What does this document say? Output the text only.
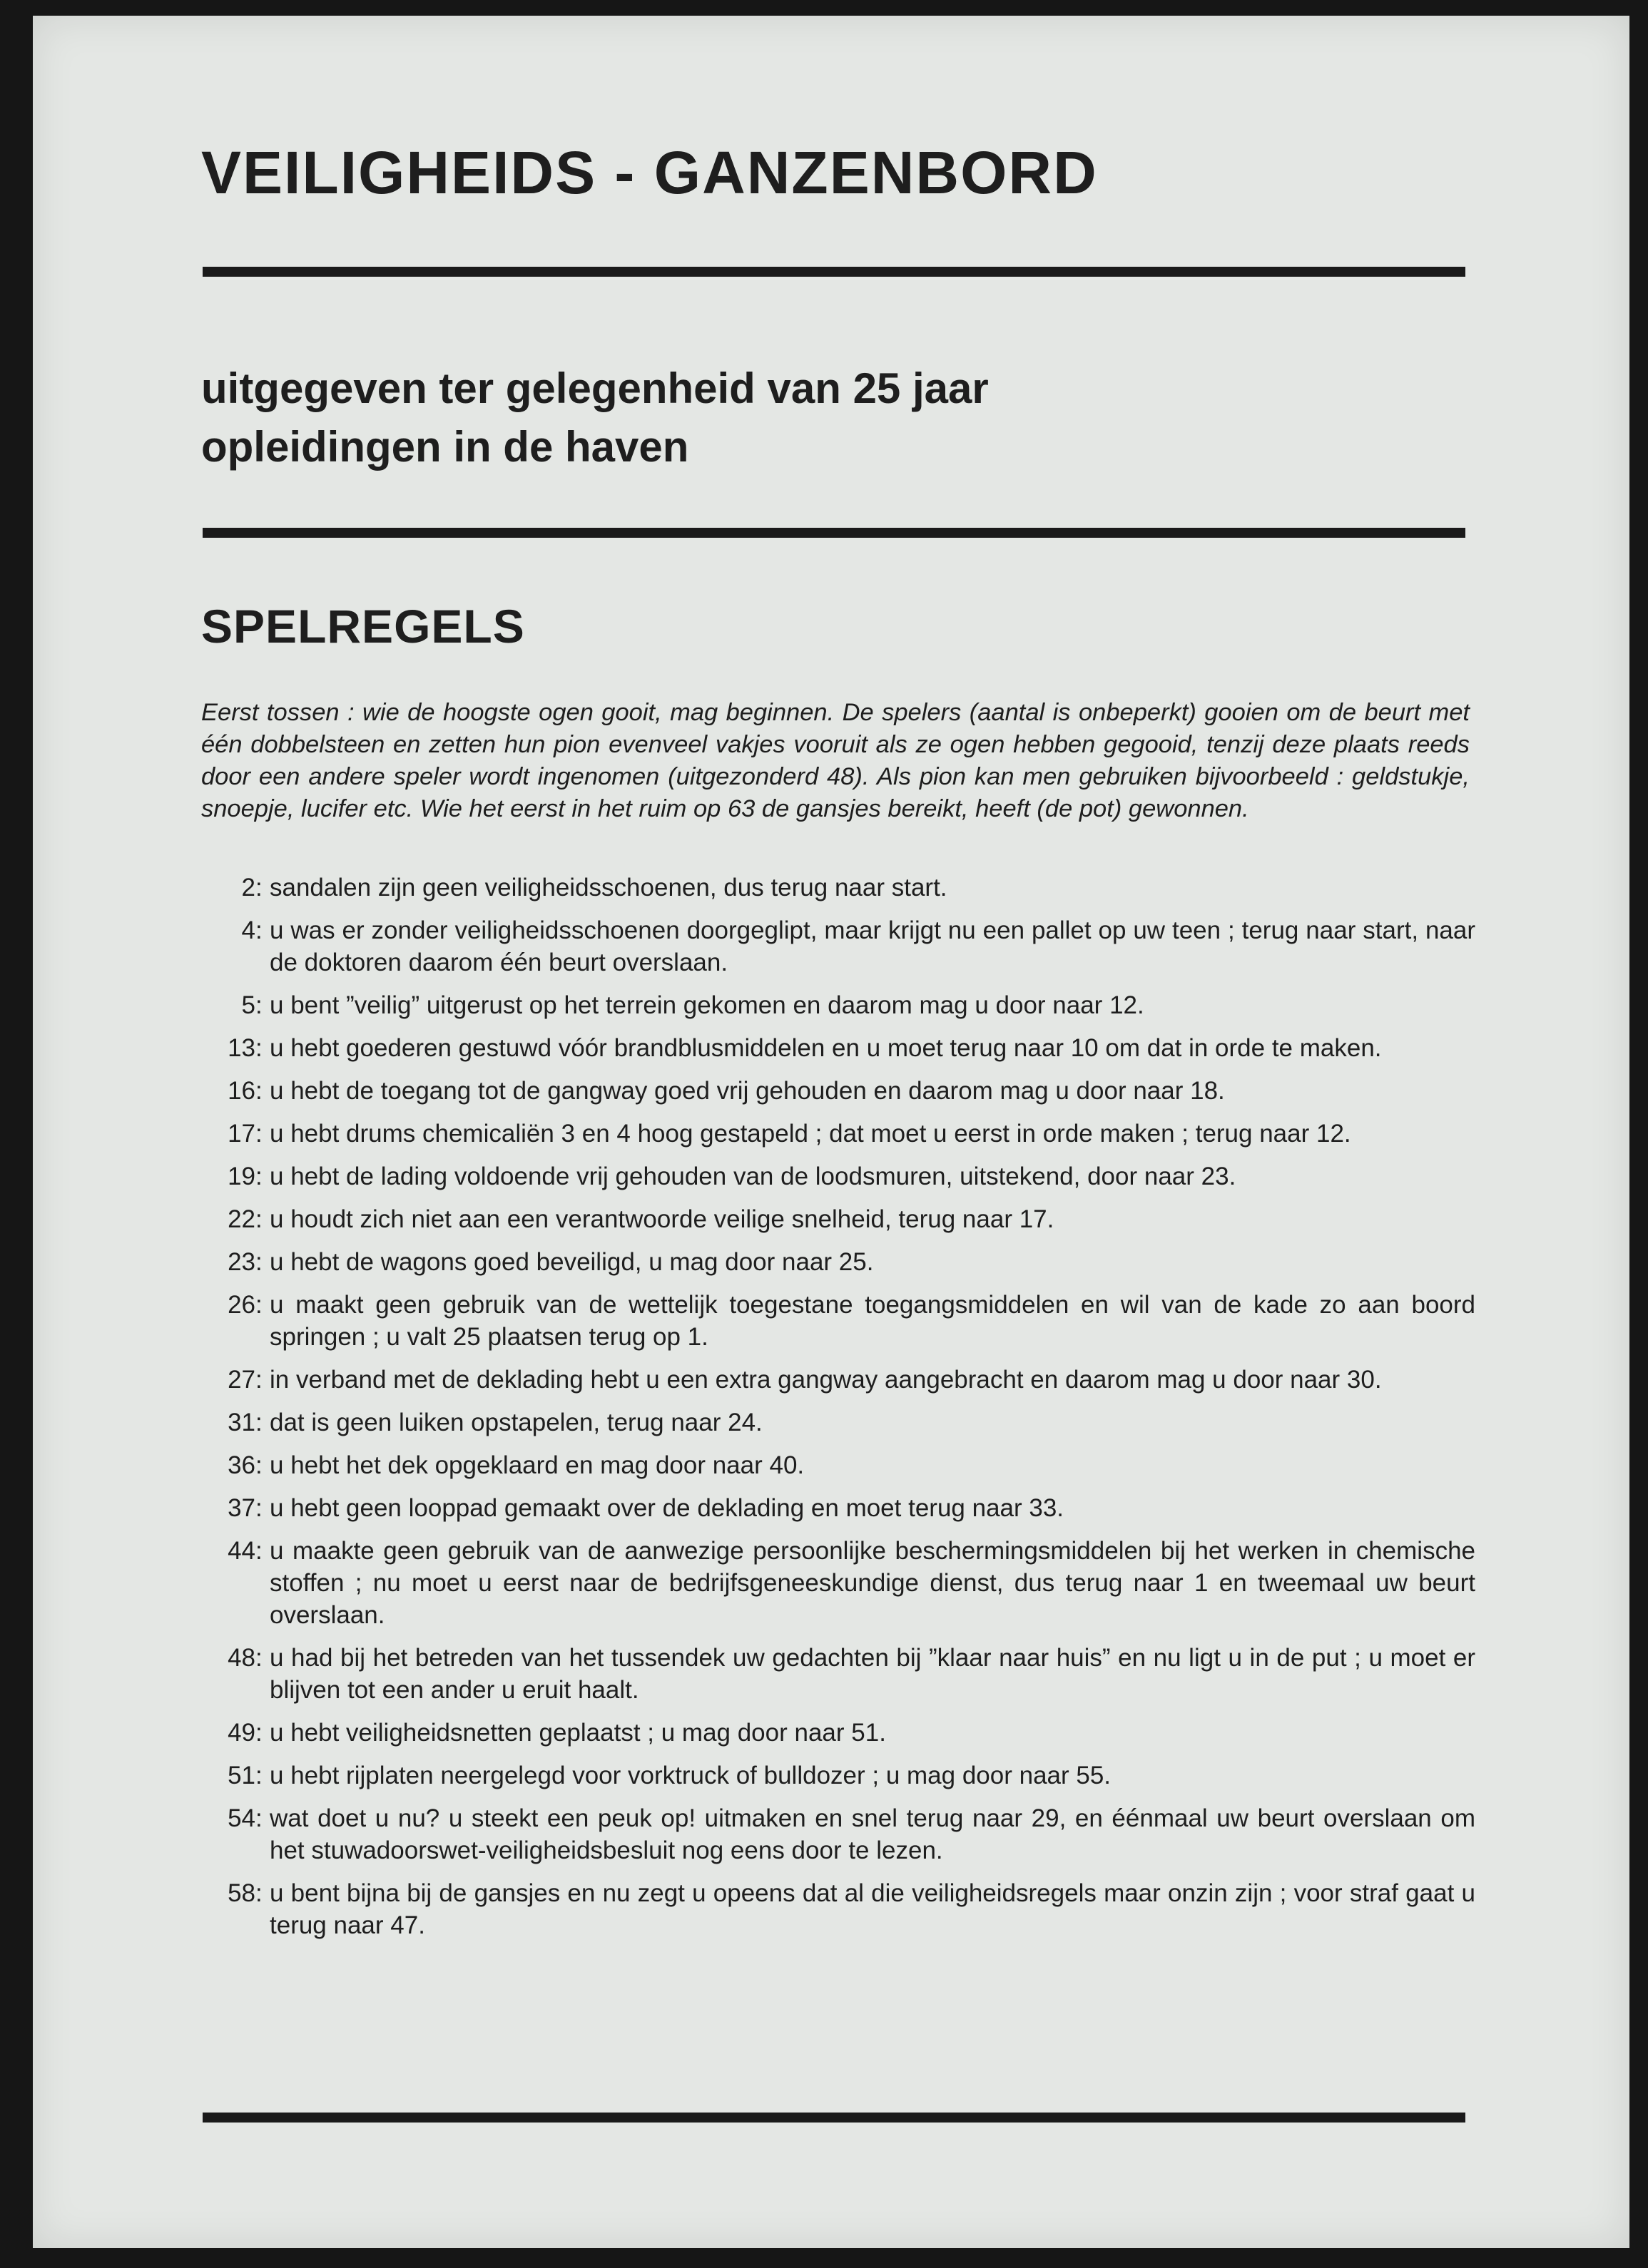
VEILIGHEIDS - GANZENBORD

uitgegeven ter gelegenheid van 25 jaar
opleidingen in de haven

SPELREGELS

Eerst tossen : wie de hoogste ogen gooit, mag beginnen. De spelers (aantal is onbeperkt) gooien om de beurt met één dobbelsteen en zetten hun pion evenveel vakjes vooruit als ze ogen hebben gegooid, tenzij deze plaats reeds door een andere speler wordt ingenomen (uitgezonderd 48). Als pion kan men gebruiken bijvoorbeeld : geldstukje, snoepje, lucifer etc. Wie het eerst in het ruim op 63 de gansjes bereikt, heeft (de pot) gewonnen.

2 : sandalen zijn geen veiligheidsschoenen, dus terug naar start.
4 : u was er zonder veiligheidsschoenen doorgeglipt, maar krijgt nu een pallet op uw teen ; terug naar start, naar de doktoren daarom één beurt overslaan.
5 : u bent ”veilig” uitgerust op het terrein gekomen en daarom mag u door naar 12.
13 : u hebt goederen gestuwd vóór brandblusmiddelen en u moet terug naar 10 om dat in orde te maken.
16 : u hebt de toegang tot de gangway goed vrij gehouden en daarom mag u door naar 18.
17 : u hebt drums chemicaliën 3 en 4 hoog gestapeld ; dat moet u eerst in orde maken ; terug naar 12.
19 : u hebt de lading voldoende vrij gehouden van de loodsmuren, uitstekend, door naar 23.
22 : u houdt zich niet aan een verantwoorde veilige snelheid, terug naar 17.
23 : u hebt de wagons goed beveiligd, u mag door naar 25.
26 : u maakt geen gebruik van de wettelijk toegestane toegangsmiddelen en wil van de kade zo aan boord springen ; u valt 25 plaatsen terug op 1.
27 : in verband met de deklading hebt u een extra gangway aangebracht en daarom mag u door naar 30.
31 : dat is geen luiken opstapelen, terug naar 24.
36 : u hebt het dek opgeklaard en mag door naar 40.
37 : u hebt geen looppad gemaakt over de deklading en moet terug naar 33.
44 : u maakte geen gebruik van de aanwezige persoonlijke beschermingsmiddelen bij het werken in chemische stoffen ; nu moet u eerst naar de bedrijfsgeneeskundige dienst, dus terug naar 1 en tweemaal uw beurt overslaan.
48 : u had bij het betreden van het tussendek uw gedachten bij ”klaar naar huis” en nu ligt u in de put ; u moet er blijven tot een ander u eruit haalt.
49 : u hebt veiligheidsnetten geplaatst ; u mag door naar 51.
51 : u hebt rijplaten neergelegd voor vorktruck of bulldozer ; u mag door naar 55.
54 : wat doet u nu? u steekt een peuk op! uitmaken en snel terug naar 29, en éénmaal uw beurt overslaan om het stuwadoorswet-veiligheidsbesluit nog eens door te lezen.
58 : u bent bijna bij de gansjes en nu zegt u opeens dat al die veiligheidsregels maar onzin zijn ; voor straf gaat u terug naar 47.
